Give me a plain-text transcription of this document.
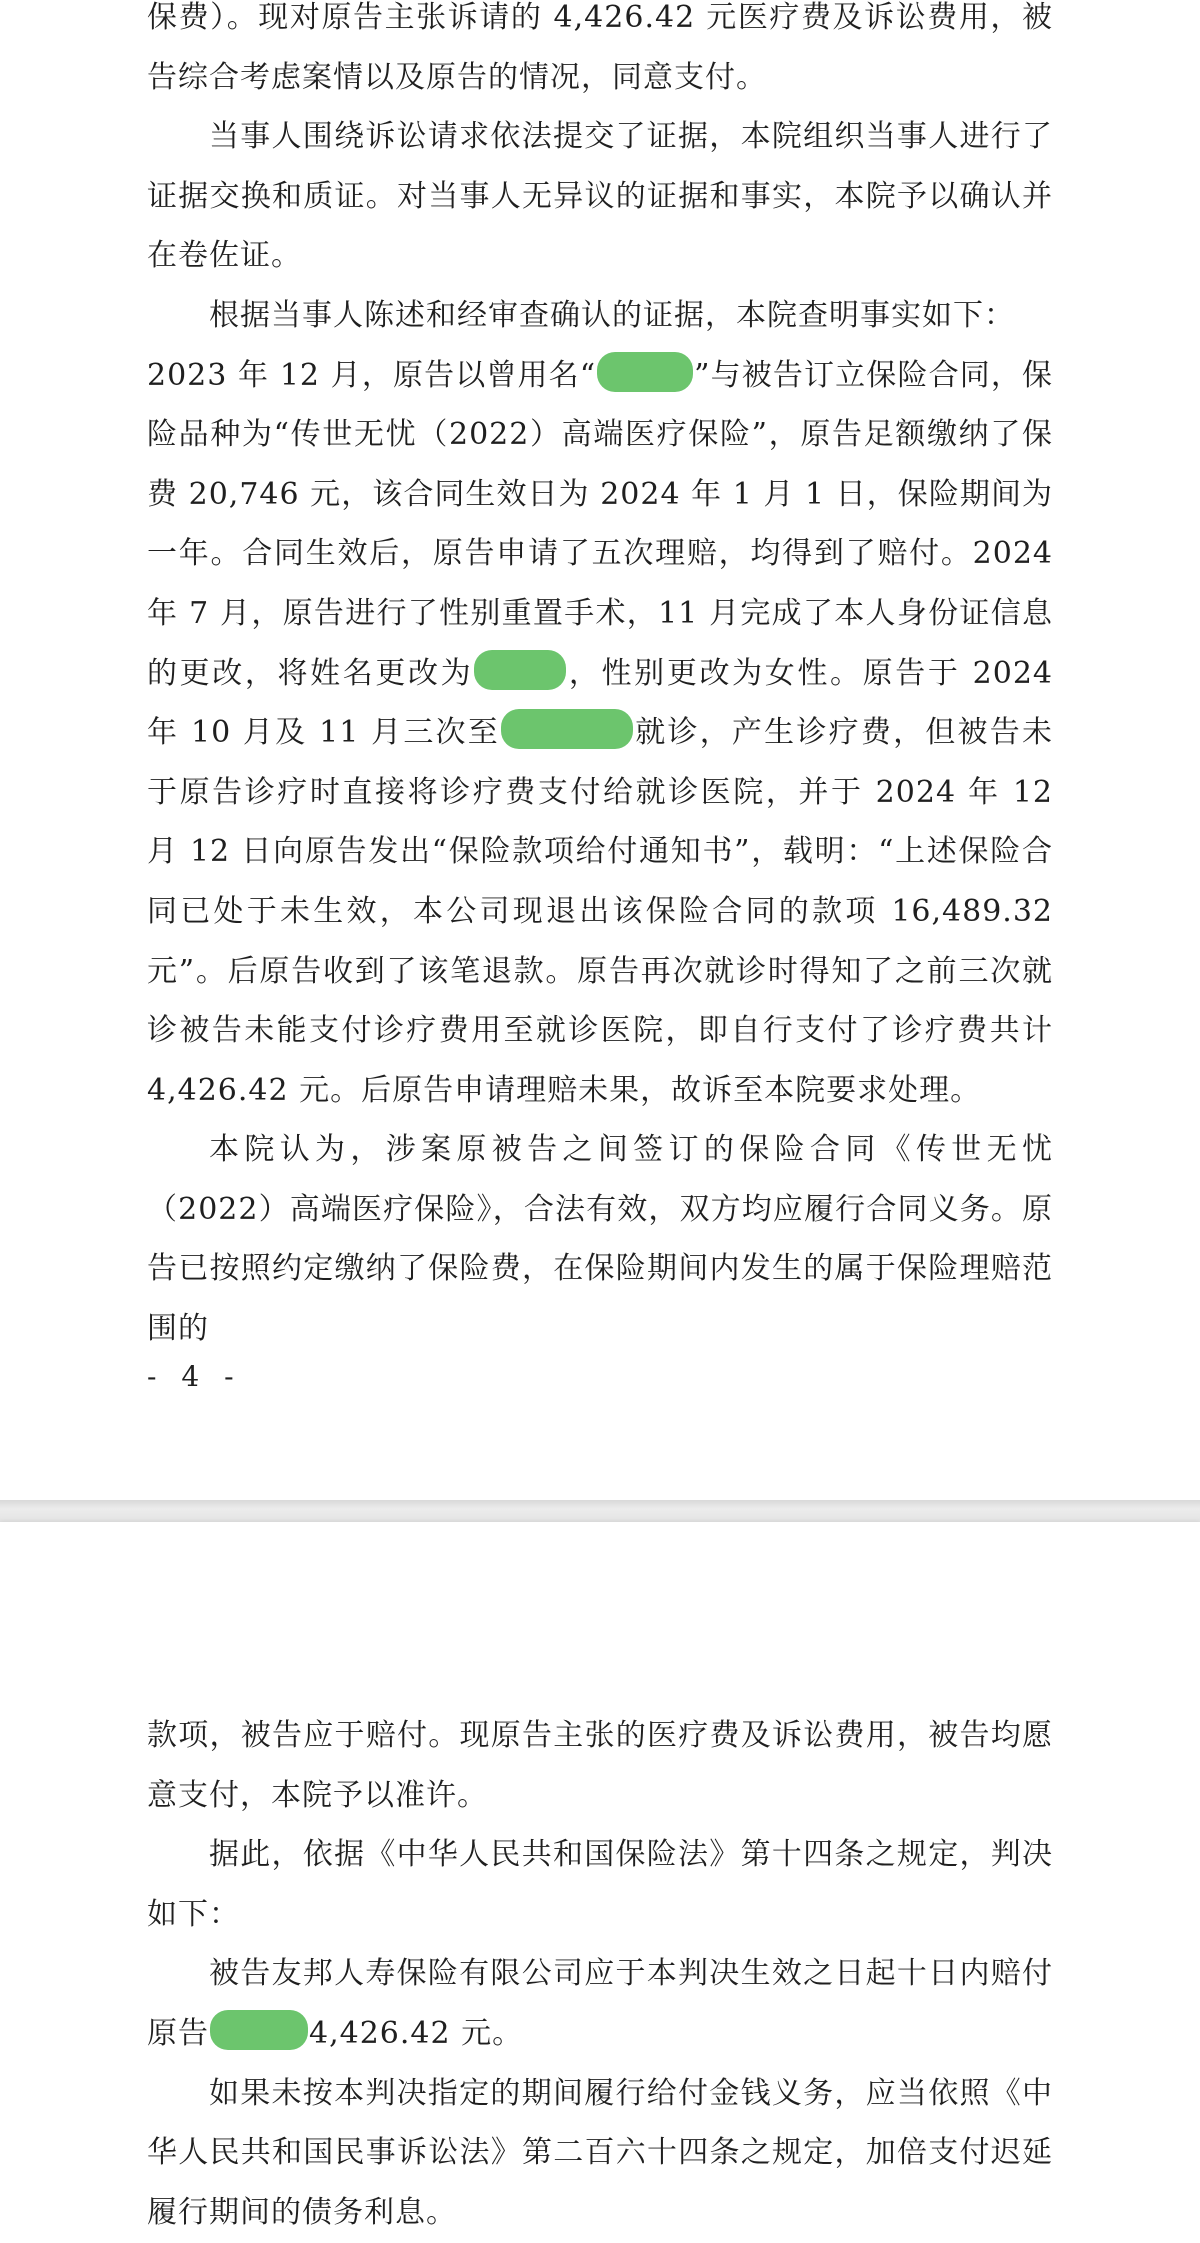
保费）。现对原告主张诉请的 4,426.42 元医疗费及诉讼费用，被告综合考虑案情以及原告的情况，同意支付。

当事人围绕诉讼请求依法提交了证据，本院组织当事人进行了证据交换和质证。对当事人无异议的证据和事实，本院予以确认并在卷佐证。

根据当事人陈述和经审查确认的证据，本院查明事实如下：

2023 年 12 月，原告以曾用名“	”与被告订立保险合同，保险品种为“传世无忧（2022）高端医疗保险”，原告足额缴纳了保费 20,746 元，该合同生效日为 2024 年 1 月 1 日，保险期间为一年。合同生效后，原告申请了五次理赔，均得到了赔付。2024 年 7 月，原告进行了性别重置手术，11 月完成了本人身份证信息的更改，将姓名更改为	，性别更改为女性。原告于 2024 年 10 月及 11 月三次至	就诊，产生诊疗费，但被告未于原告诊疗时直接将诊疗费支付给就诊医院，并于 2024 年 12 月 12 日向原告发出“保险款项给付通知书”，载明：“上述保险合同已处于未生效，本公司现退出该保险合同的款项 16,489.32 元”。后原告收到了该笔退款。原告再次就诊时得知了之前三次就诊被告未能支付诊疗费用至就诊医院，即自行支付了诊疗费共计 4,426.42 元。后原告申请理赔未果，故诉至本院要求处理。

本院认为，涉案原被告之间签订的保险合同《传世无忧（2022）高端医疗保险》，合法有效，双方均应履行合同义务。原告已按照约定缴纳了保险费，在保险期间内发生的属于保险理赔范围的

- 4 -

款项，被告应于赔付。现原告主张的医疗费及诉讼费用，被告均愿意支付，本院予以准许。

据此，依据《中华人民共和国保险法》第十四条之规定，判决如下：

被告友邦人寿保险有限公司应于本判决生效之日起十日内赔付原告	4,426.42 元。

如果未按本判决指定的期间履行给付金钱义务，应当依照《中华人民共和国民事诉讼法》第二百六十四条之规定，加倍支付迟延履行期间的债务利息。
